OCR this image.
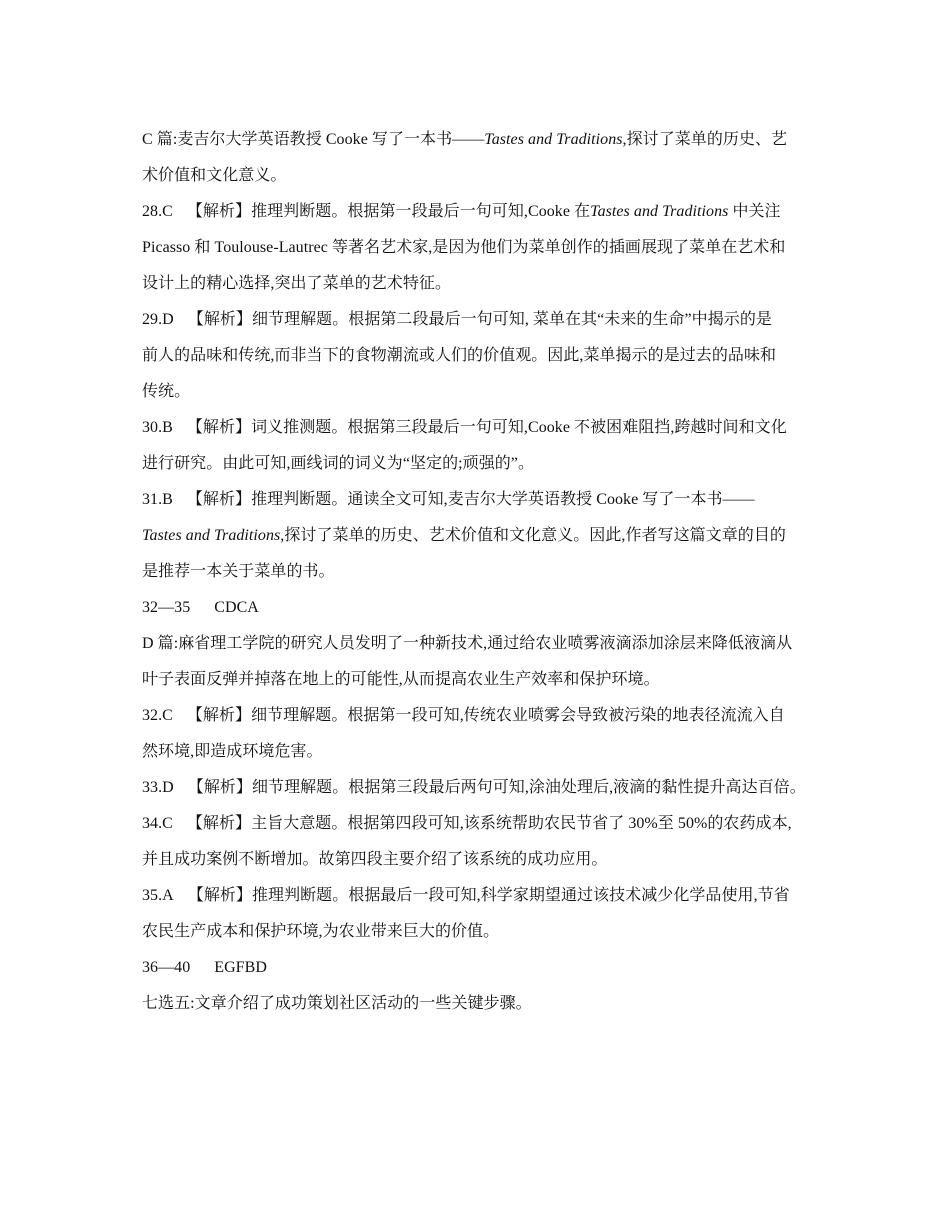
C 篇:麦吉尔大学英语教授 Cooke 写了一本书——Tastes and Traditions,探讨了菜单的历史、艺

术价值和文化意义。

28.C 【解析】推理判断题。根据第一段最后一句可知,Cooke 在Tastes and Traditions 中关注

Picasso 和 Toulouse-Lautrec 等著名艺术家,是因为他们为菜单创作的插画展现了菜单在艺术和

设计上的精心选择,突出了菜单的艺术特征。

29.D 【解析】细节理解题。根据第二段最后一句可知, 菜单在其“未来的生命”中揭示的是

前人的品味和传统,而非当下的食物潮流或人们的价值观。因此,菜单揭示的是过去的品味和

传统。

30.B 【解析】词义推测题。根据第三段最后一句可知,Cooke 不被困难阻挡,跨越时间和文化

进行研究。由此可知,画线词的词义为“坚定的;顽强的”。

31.B 【解析】推理判断题。通读全文可知,麦吉尔大学英语教授 Cooke 写了一本书——

Tastes and Traditions,探讨了菜单的历史、艺术价值和文化意义。因此,作者写这篇文章的目的

是推荐一本关于菜单的书。

32—35 CDCA

D 篇:麻省理工学院的研究人员发明了一种新技术,通过给农业喷雾液滴添加涂层来降低液滴从

叶子表面反弹并掉落在地上的可能性,从而提高农业生产效率和保护环境。

32.C 【解析】细节理解题。根据第一段可知,传统农业喷雾会导致被污染的地表径流流入自

然环境,即造成环境危害。

33.D 【解析】细节理解题。根据第三段最后两句可知,涂油处理后,液滴的黏性提升高达百倍。

34.C 【解析】主旨大意题。根据第四段可知,该系统帮助农民节省了 30%至 50%的农药成本,

并且成功案例不断增加。故第四段主要介绍了该系统的成功应用。

35.A 【解析】推理判断题。根据最后一段可知,科学家期望通过该技术减少化学品使用,节省

农民生产成本和保护环境,为农业带来巨大的价值。

36—40 EGFBD

七选五:文章介绍了成功策划社区活动的一些关键步骤。
